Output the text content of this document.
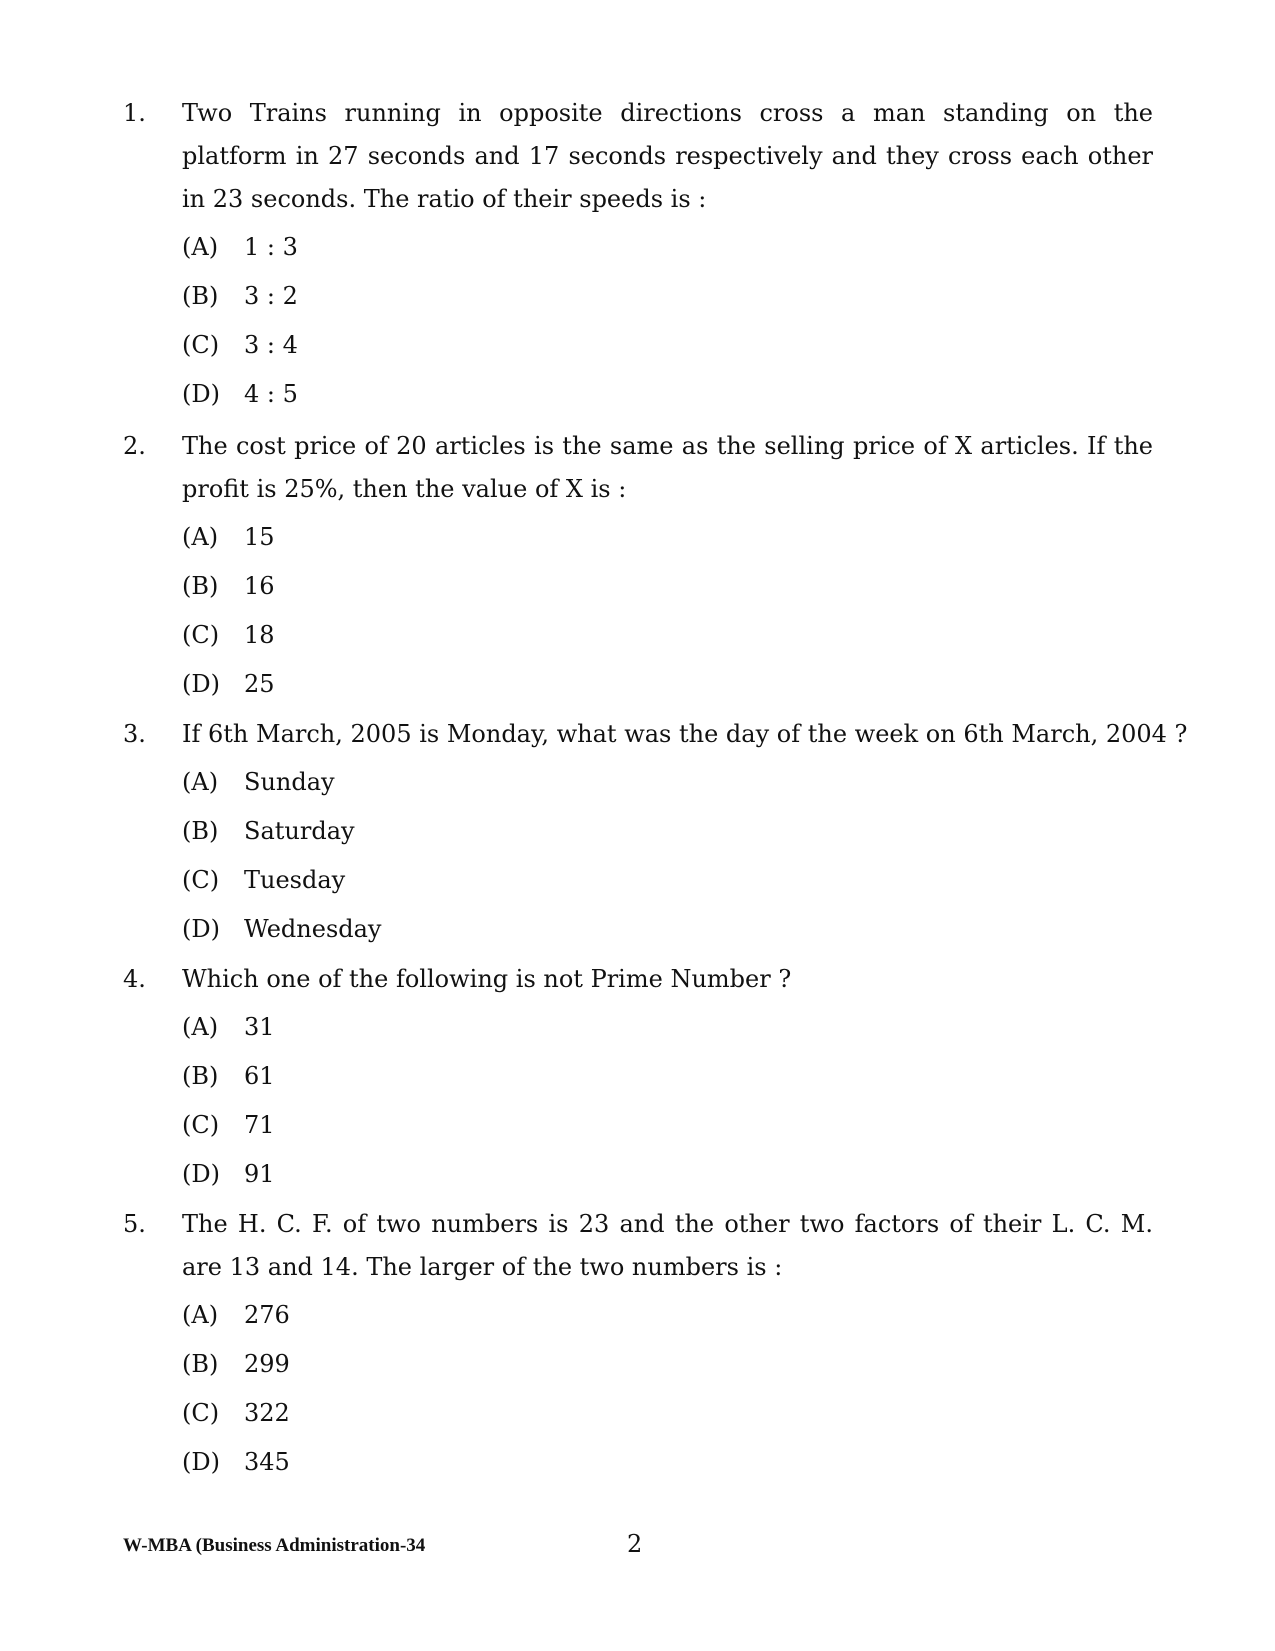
1. Two Trains running in opposite directions cross a man standing on the platform in 27 seconds and 17 seconds respectively and they cross each other in 23 seconds. The ratio of their speeds is :
(A)	1 : 3
(B)	3 : 2
(C)	3 : 4
(D)	4 : 5
2. The cost price of 20 articles is the same as the selling price of X articles. If the profit is 25%, then the value of X is :
(A)	15
(B)	16
(C)	18
(D)	25
3. If 6th March, 2005 is Monday, what was the day of the week on 6th March, 2004 ?
(A)	Sunday
(B)	Saturday
(C)	Tuesday
(D)	Wednesday
4. Which one of the following is not Prime Number ?
(A)	31
(B)	61
(C)	71
(D)	91
5. The H. C. F. of two numbers is 23 and the other two factors of their L. C. M. are 13 and 14. The larger of the two numbers is :
(A)	276
(B)	299
(C)	322
(D)	345
W-MBA (Business Administration-34	2
